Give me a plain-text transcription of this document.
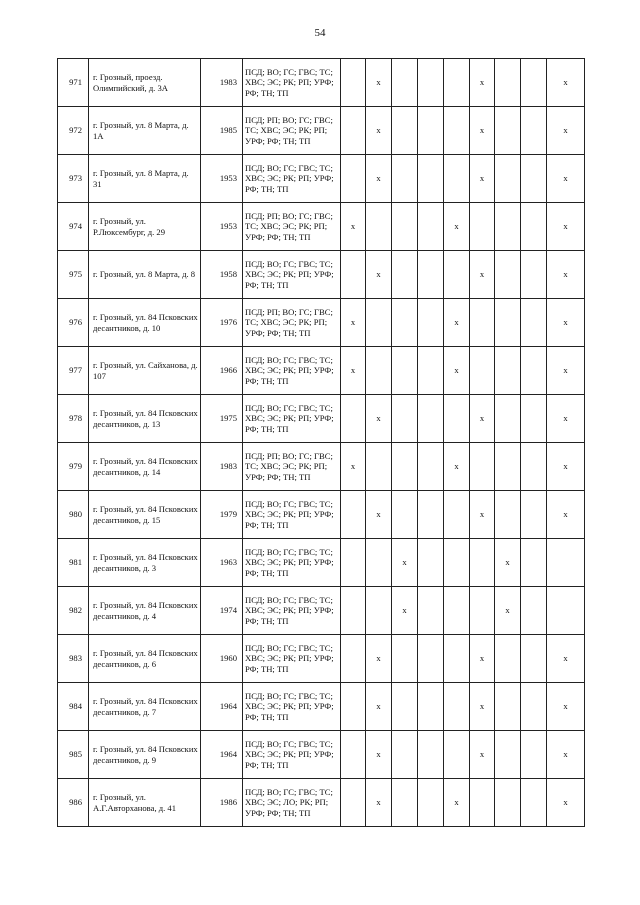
54
971	г. Грозный, проезд. Олимпийский, д. 3А	1983	ПСД; ВО; ГС; ГВС; ТС; ХВС; ЭС; РК; РП; УРФ; РФ; ТН; ТП		х				х			х
972	г. Грозный, ул. 8 Марта, д. 1А	1985	ПСД; РП; ВО; ГС; ГВС; ТС; ХВС; ЭС; РК; РП; УРФ; РФ; ТН; ТП		х				х			х
973	г. Грозный, ул. 8 Марта, д. 31	1953	ПСД; ВО; ГС; ГВС; ТС; ХВС; ЭС; РК; РП; УРФ; РФ; ТН; ТП		х				х			х
974	г. Грозный, ул. Р.Люксембург, д. 29	1953	ПСД; РП; ВО; ГС; ГВС; ТС; ХВС; ЭС; РК; РП; УРФ; РФ; ТН; ТП	х				х				х
975	г. Грозный, ул. 8 Марта, д. 8	1958	ПСД; ВО; ГС; ГВС; ТС; ХВС; ЭС; РК; РП; УРФ; РФ; ТН; ТП		х				х			х
976	г. Грозный, ул. 84 Псковских десантников, д. 10	1976	ПСД; РП; ВО; ГС; ГВС; ТС; ХВС; ЭС; РК; РП; УРФ; РФ; ТН; ТП	х				х				х
977	г. Грозный, ул. Сайханова, д. 107	1966	ПСД; ВО; ГС; ГВС; ТС; ХВС; ЭС; РК; РП; УРФ; РФ; ТН; ТП	х				х				х
978	г. Грозный, ул. 84 Псковских десантников, д. 13	1975	ПСД; ВО; ГС; ГВС; ТС; ХВС; ЭС; РК; РП; УРФ; РФ; ТН; ТП		х				х			х
979	г. Грозный, ул. 84 Псковских десантников, д. 14	1983	ПСД; РП; ВО; ГС; ГВС; ТС; ХВС; ЭС; РК; РП; УРФ; РФ; ТН; ТП	х				х				х
980	г. Грозный, ул. 84 Псковских десантников, д. 15	1979	ПСД; ВО; ГС; ГВС; ТС; ХВС; ЭС; РК; РП; УРФ; РФ; ТН; ТП		х				х			х
981	г. Грозный, ул. 84 Псковских десантников, д. 3	1963	ПСД; ВО; ГС; ГВС; ТС; ХВС; ЭС; РК; РП; УРФ; РФ; ТН; ТП			х				х		
982	г. Грозный, ул. 84 Псковских десантников, д. 4	1974	ПСД; ВО; ГС; ГВС; ТС; ХВС; ЭС; РК; РП; УРФ; РФ; ТН; ТП			х				х		
983	г. Грозный, ул. 84 Псковских десантников, д. 6	1960	ПСД; ВО; ГС; ГВС; ТС; ХВС; ЭС; РК; РП; УРФ; РФ; ТН; ТП		х				х			х
984	г. Грозный, ул. 84 Псковских десантников, д. 7	1964	ПСД; ВО; ГС; ГВС; ТС; ХВС; ЭС; РК; РП; УРФ; РФ; ТН; ТП		х				х			х
985	г. Грозный, ул. 84 Псковских десантников, д. 9	1964	ПСД; ВО; ГС; ГВС; ТС; ХВС; ЭС; РК; РП; УРФ; РФ; ТН; ТП		х				х			х
986	г. Грозный, ул. А.Г.Авторханова, д. 41	1986	ПСД; ВО; ГС; ГВС; ТС; ХВС; ЭС; ЛО; РК; РП; УРФ; РФ; ТН; ТП		х			х				х
